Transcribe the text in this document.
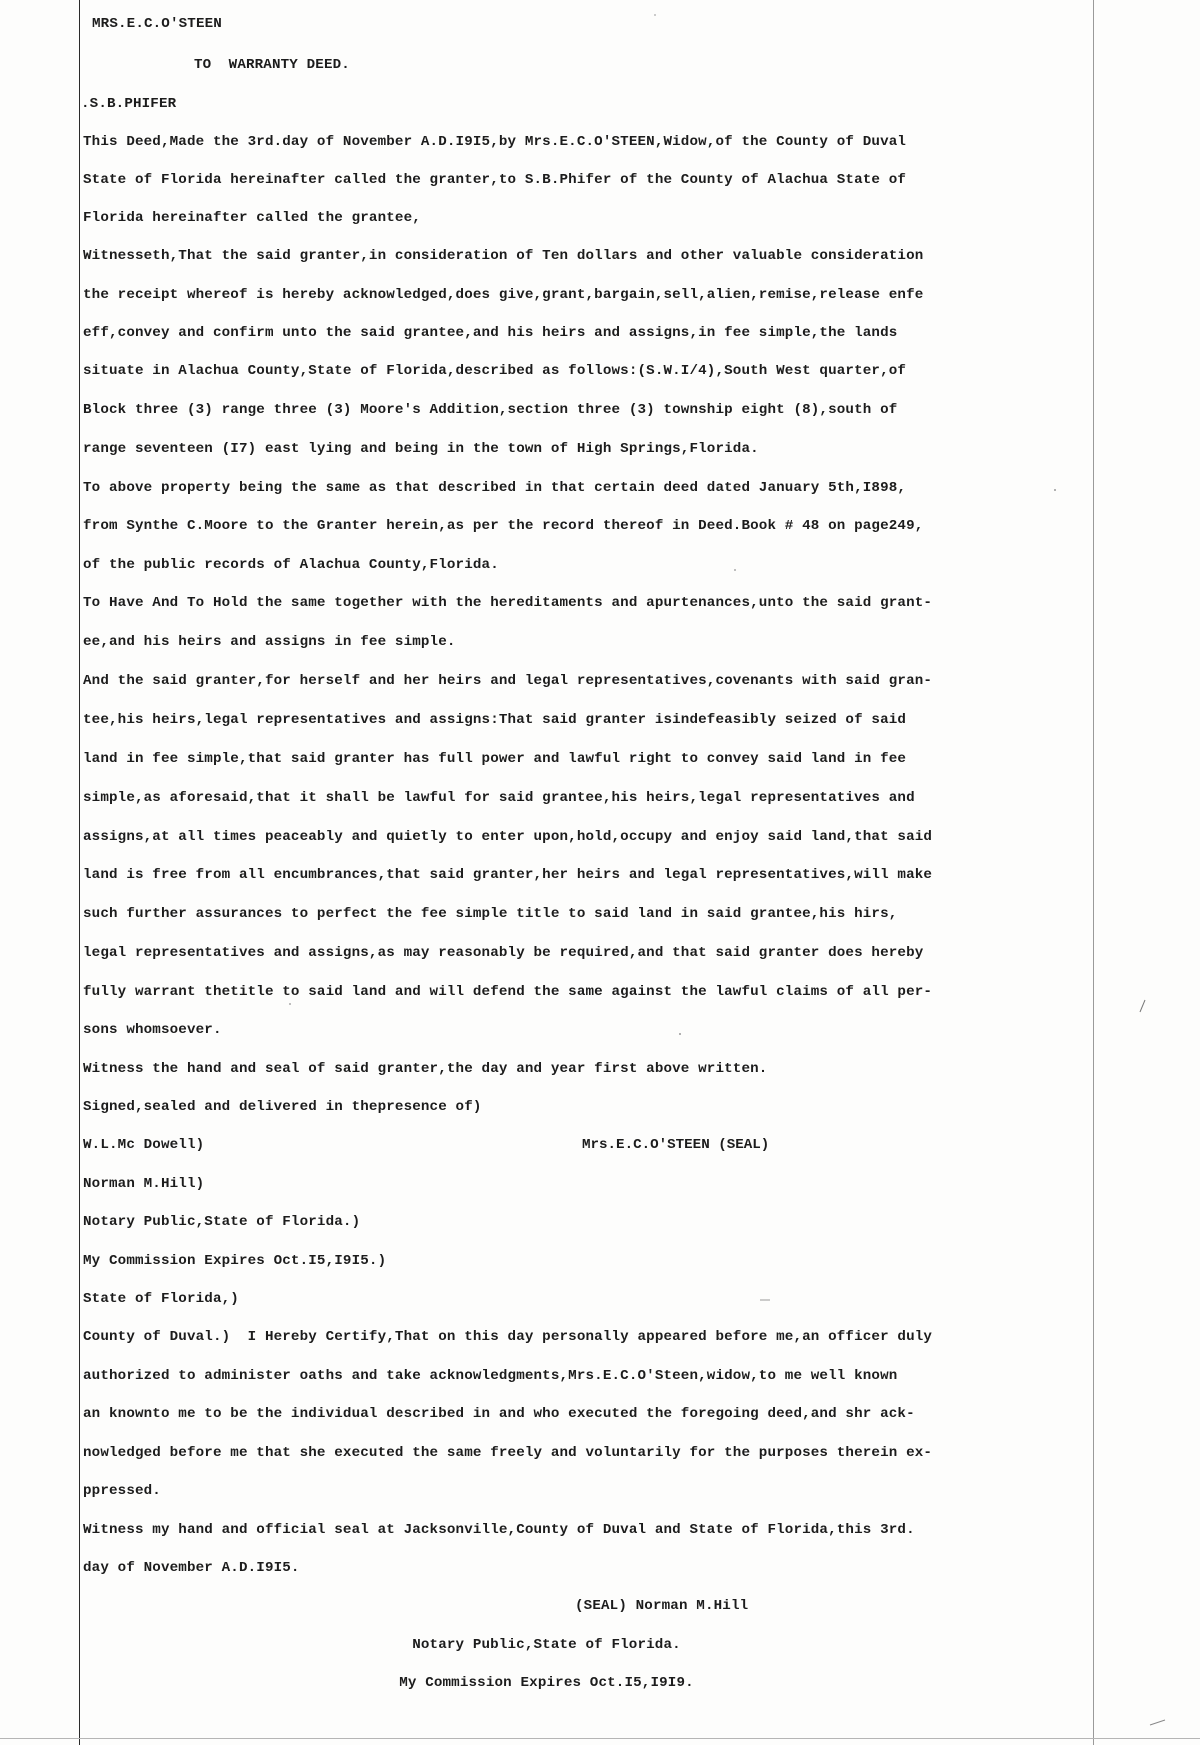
MRS.E.C.O'STEEN
TO  WARRANTY DEED.
.S.B.PHIFER
This Deed,Made the 3rd.day of November A.D.I9I5,by Mrs.E.C.O'STEEN,Widow,of the County of Duval
State of Florida hereinafter called the granter,to S.B.Phifer of the County of Alachua State of
Florida hereinafter called the grantee,
Witnesseth,That the said granter,in consideration of Ten dollars and other valuable consideration
the receipt whereof is hereby acknowledged,does give,grant,bargain,sell,alien,remise,release enfe
eff,convey and confirm unto the said grantee,and his heirs and assigns,in fee simple,the lands
situate in Alachua County,State of Florida,described as follows:(S.W.I/4),South West quarter,of
Block three (3) range three (3) Moore's Addition,section three (3) township eight (8),south of
range seventeen (I7) east lying and being in the town of High Springs,Florida.
To above property being the same as that described in that certain deed dated January 5th,I898,
from Synthe C.Moore to the Granter herein,as per the record thereof in Deed.Book # 48 on page249,
of the public records of Alachua County,Florida.
To Have And To Hold the same together with the hereditaments and apurtenances,unto the said grant-
ee,and his heirs and assigns in fee simple.
And the said granter,for herself and her heirs and legal representatives,covenants with said gran-
tee,his heirs,legal representatives and assigns:That said granter isindefeasibly seized of said
land in fee simple,that said granter has full power and lawful right to convey said land in fee
simple,as aforesaid,that it shall be lawful for said grantee,his heirs,legal representatives and
assigns,at all times peaceably and quietly to enter upon,hold,occupy and enjoy said land,that said
land is free from all encumbrances,that said granter,her heirs and legal representatives,will make
such further assurances to perfect the fee simple title to said land in said grantee,his hirs,
legal representatives and assigns,as may reasonably be required,and that said granter does hereby
fully warrant thetitle to said land and will defend the same against the lawful claims of all per-
sons whomsoever.
Witness the hand and seal of said granter,the day and year first above written.
Signed,sealed and delivered in thepresence of)
W.L.Mc Dowell)	Mrs.E.C.O'STEEN (SEAL)
Norman M.Hill)
Notary Public,State of Florida.)
My Commission Expires Oct.I5,I9I5.)
State of Florida,)
County of Duval.)  I Hereby Certify,That on this day personally appeared before me,an officer duly
authorized to administer oaths and take acknowledgments,Mrs.E.C.O'Steen,widow,to me well known
an knownto me to be the individual described in and who executed the foregoing deed,and shr ack-
nowledged before me that she executed the same freely and voluntarily for the purposes therein ex-
ppressed.
Witness my hand and official seal at Jacksonville,County of Duval and State of Florida,this 3rd.
day of November A.D.I9I5.
(SEAL) Norman M.Hill
Notary Public,State of Florida.
My Commission Expires Oct.I5,I9I9.
